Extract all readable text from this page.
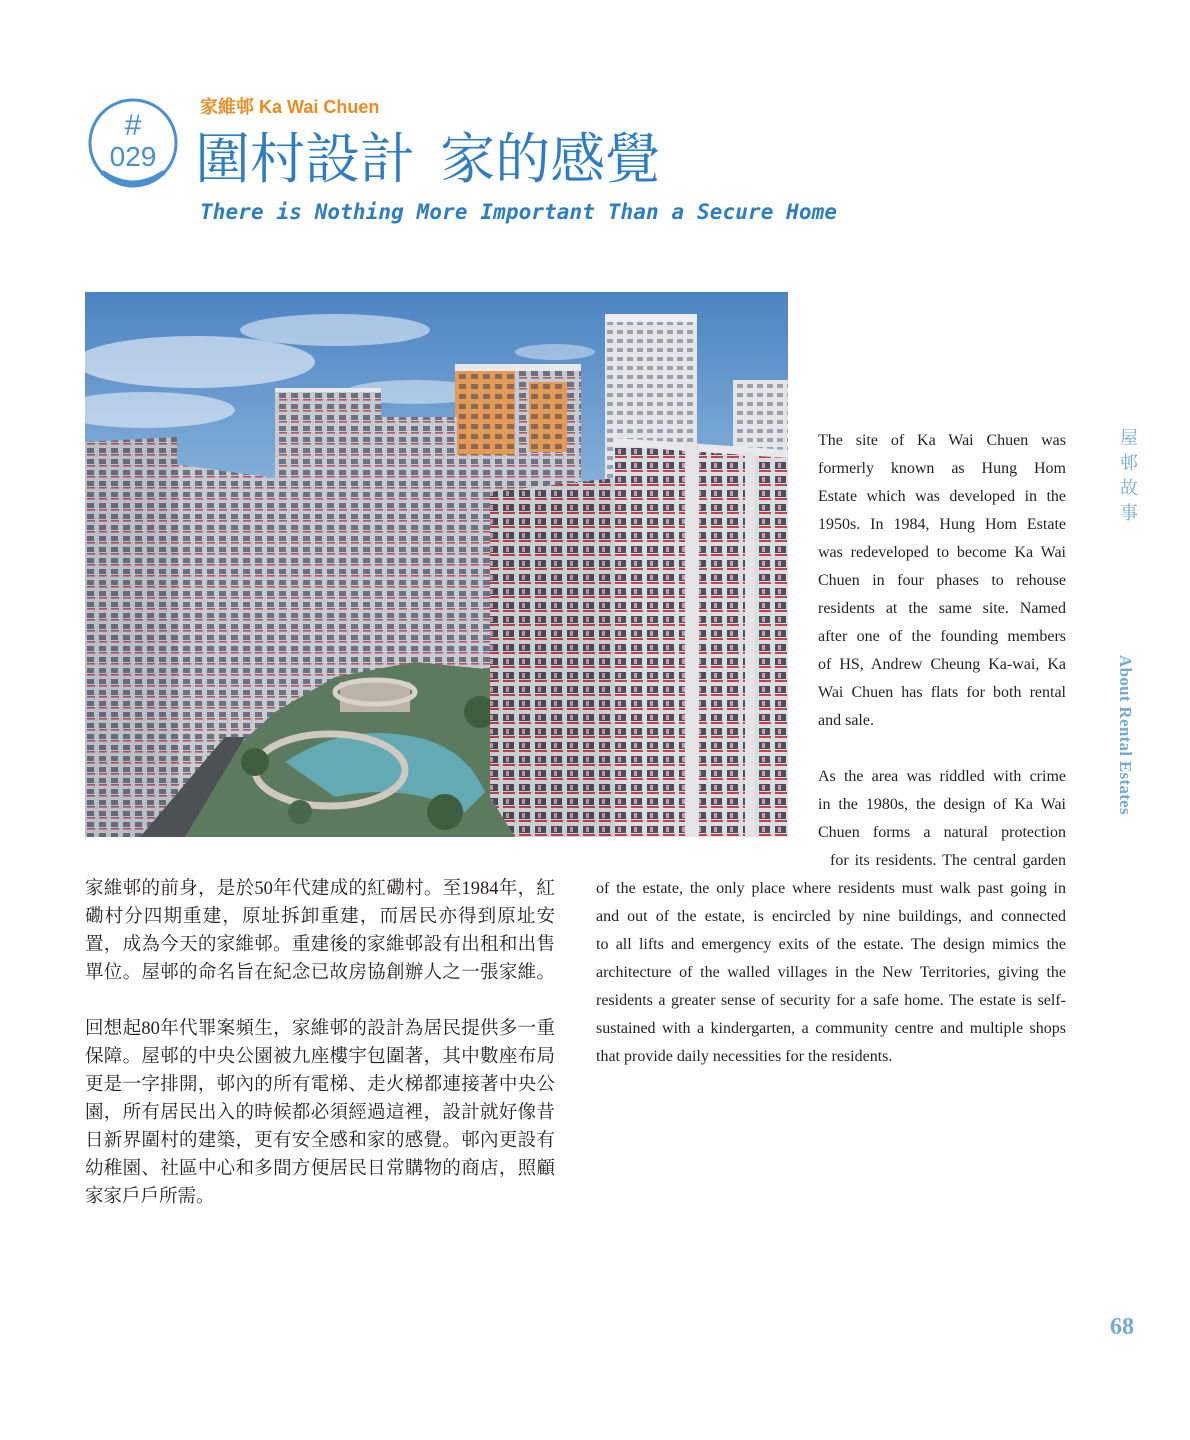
#
029
家維邨 Ka Wai Chuen
圍村設計 家的感覺
There is Nothing More Important Than a Secure Home
The site of Ka Wai Chuen was
formerly known as Hung Hom
Estate which was developed in the
1950s. In 1984, Hung Hom Estate
was redeveloped to become Ka Wai
Chuen in four phases to rehouse
residents at the same site. Named
after one of the founding members
of HS, Andrew Cheung Ka-wai, Ka
Wai Chuen has flats for both rental
and sale.
As the area was riddled with crime
in the 1980s, the design of Ka Wai
Chuen forms a natural protection
for its residents. The central garden
of the estate, the only place where residents must walk past going in
and out of the estate, is encircled by nine buildings, and connected
to all lifts and emergency exits of the estate. The design mimics the
architecture of the walled villages in the New Territories, giving the
residents a greater sense of security for a safe home. The estate is self-
sustained with a kindergarten, a community centre and multiple shops
that provide daily necessities for the residents.
家維邨的前身，是於50年代建成的紅磡村。至1984年，紅
磡村分四期重建，原址拆卸重建，而居民亦得到原址安
置，成為今天的家維邨。重建後的家維邨設有出租和出售
單位。屋邨的命名旨在紀念已故房協創辦人之一張家維。
回想起80年代罪案頻生，家維邨的設計為居民提供多一重
保障。屋邨的中央公園被九座樓宇包圍著，其中數座布局
更是一字排開，邨內的所有電梯、走火梯都連接著中央公
園，所有居民出入的時候都必須經過這裡，設計就好像昔
日新界圍村的建築，更有安全感和家的感覺。邨內更設有
幼稚園、社區中心和多間方便居民日常購物的商店，照顧
家家戶戶所需。
屋邨故事
About Rental Estates
68
